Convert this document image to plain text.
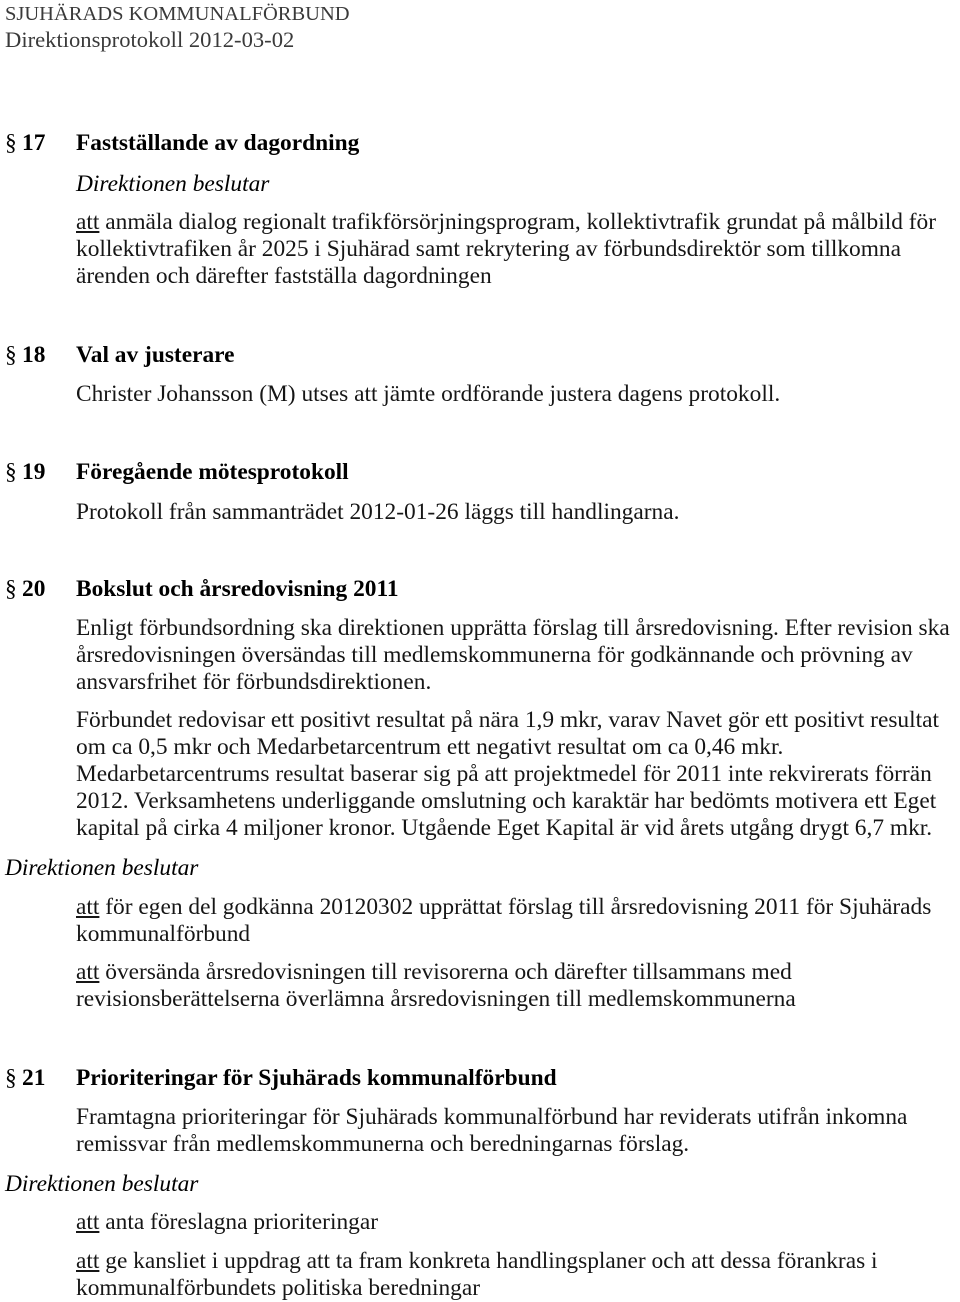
SJUHÄRADS KOMMUNALFÖRBUND
Direktionsprotokoll 2012-03-02
§ 17 Fastställande av dagordning
Direktionen beslutar
att anmäla dialog regionalt trafikförsörjningsprogram, kollektivtrafik grundat på målbild för
kollektivtrafiken år 2025 i Sjuhärad samt rekrytering av förbundsdirektör som tillkomna
ärenden och därefter fastställa dagordningen
§ 18 Val av justerare
Christer Johansson (M) utses att jämte ordförande justera dagens protokoll.
§ 19 Föregående mötesprotokoll
Protokoll från sammanträdet 2012-01-26 läggs till handlingarna.
§ 20 Bokslut och årsredovisning 2011
Enligt förbundsordning ska direktionen upprätta förslag till årsredovisning. Efter revision ska
årsredovisningen översändas till medlemskommunerna för godkännande och prövning av
ansvarsfrihet för förbundsdirektionen.
Förbundet redovisar ett positivt resultat på nära 1,9 mkr, varav Navet gör ett positivt resultat
om ca 0,5 mkr och Medarbetarcentrum ett negativt resultat om ca 0,46 mkr.
Medarbetarcentrums resultat baserar sig på att projektmedel för 2011 inte rekvirerats förrän
2012. Verksamhetens underliggande omslutning och karaktär har bedömts motivera ett Eget
kapital på cirka 4 miljoner kronor. Utgående Eget Kapital är vid årets utgång drygt 6,7 mkr.
Direktionen beslutar
att för egen del godkänna 20120302 upprättat förslag till årsredovisning 2011 för Sjuhärads
kommunalförbund
att översända årsredovisningen till revisorerna och därefter tillsammans med
revisionsberättelserna överlämna årsredovisningen till medlemskommunerna
§ 21 Prioriteringar för Sjuhärads kommunalförbund
Framtagna prioriteringar för Sjuhärads kommunalförbund har reviderats utifrån inkomna
remissvar från medlemskommunerna och beredningarnas förslag.
Direktionen beslutar
att anta föreslagna prioriteringar
att ge kansliet i uppdrag att ta fram konkreta handlingsplaner och att dessa förankras i
kommunalförbundets politiska beredningar
